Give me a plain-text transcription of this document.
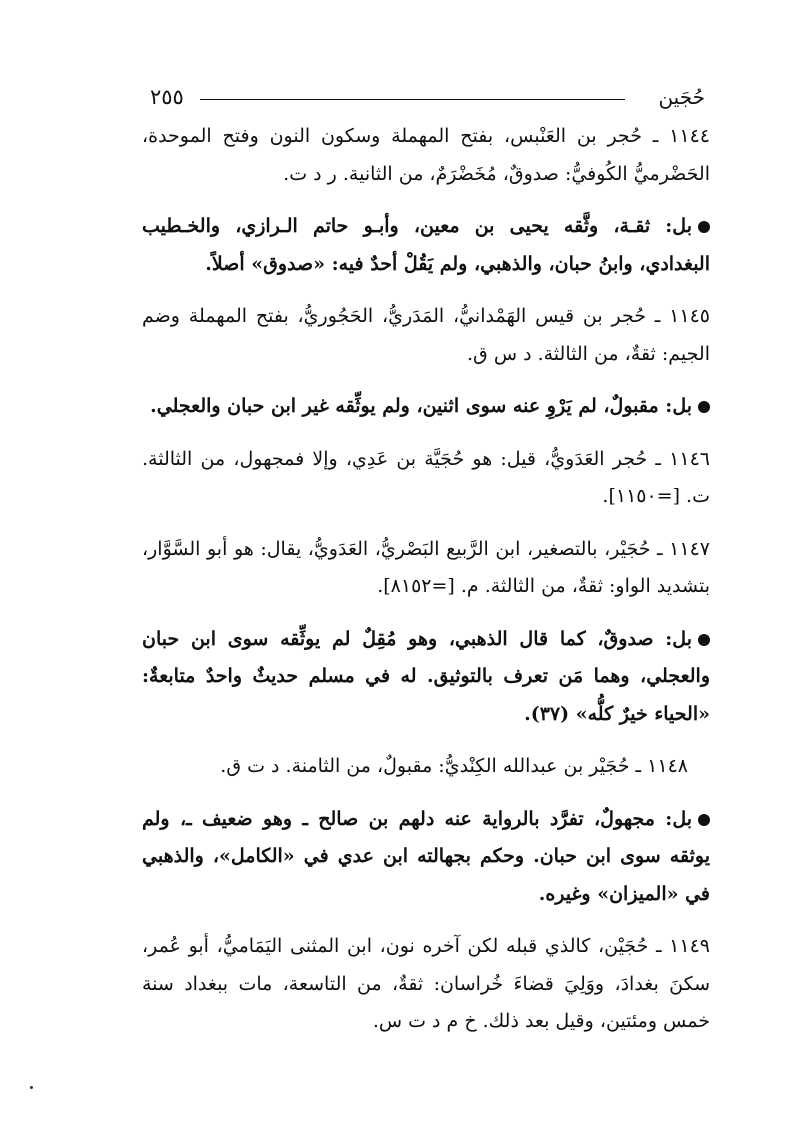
٢٥٥	حُجَين

١١٤٤ ـ حُجر بن العَنْبس، بفتح المهملة وسكون النون وفتح الموحدة، الحَضْرميُّ الكُوفيُّ: صدوقٌ، مُخَضْرَمٌ، من الثانية. ر د ت.

بل: ثقـة، وثَّقه يحيى بن معين، وأبـو حاتم الـرازي، والخـطيب البغدادي، وابنُ حبان، والذهبي، ولم يَقُلْ أحدٌ فيه: «صدوق» أصلاً.

١١٤٥ ـ حُجر بن قيس الهَمْدانيُّ، المَدَريُّ، الحَجُوريُّ، بفتح المهملة وضم الجيم: ثقةٌ، من الثالثة. د س ق.

بل: مقبولٌ، لم يَرْوِ عنه سوى اثنين، ولم يوثِّقه غير ابن حبان والعجلي.

١١٤٦ ـ حُجر العَدَويُّ، قيل: هو حُجَيَّة بن عَدِي، وإلا فمجهول، من الثالثة. ت. [=١١٥٠].

١١٤٧ ـ حُجَيْر، بالتصغير، ابن الرَّبيع البَصْريُّ، العَدَويُّ، يقال: هو أبو السَّوَّار، بتشديد الواو: ثقةٌ، من الثالثة. م. [=٨١٥٢].

بل: صدوقٌ، كما قال الذهبي، وهو مُقِلٌ لم يوثِّقه سوى ابن حبان والعجلي، وهما مَن تعرف بالتوثيق. له في مسلم حديثٌ واحدٌ متابعةٌ: «الحياء خيرٌ كلُّه» (٣٧).

١١٤٨ ـ حُجَيْر بن عبدالله الكِنْديُّ: مقبولٌ، من الثامنة. د ت ق.

بل: مجهولٌ، تفرَّد بالرواية عنه دلهم بن صالح ـ وهو ضعيف ـ، ولم يوثقه سوى ابن حبان. وحكم بجهالته ابن عدي في «الكامل»، والذهبي في «الميزان» وغيره.

١١٤٩ ـ حُجَيْن، كالذي قبله لكن آخره نون، ابن المثنى اليَمَاميُّ، أبو عُمر، سكنَ بغدادَ، ووَلِيَ قضاءَ خُراسان: ثقةٌ، من التاسعة، مات ببغداد سنة خمس ومئتين، وقيل بعد ذلك. خ م د ت س.
